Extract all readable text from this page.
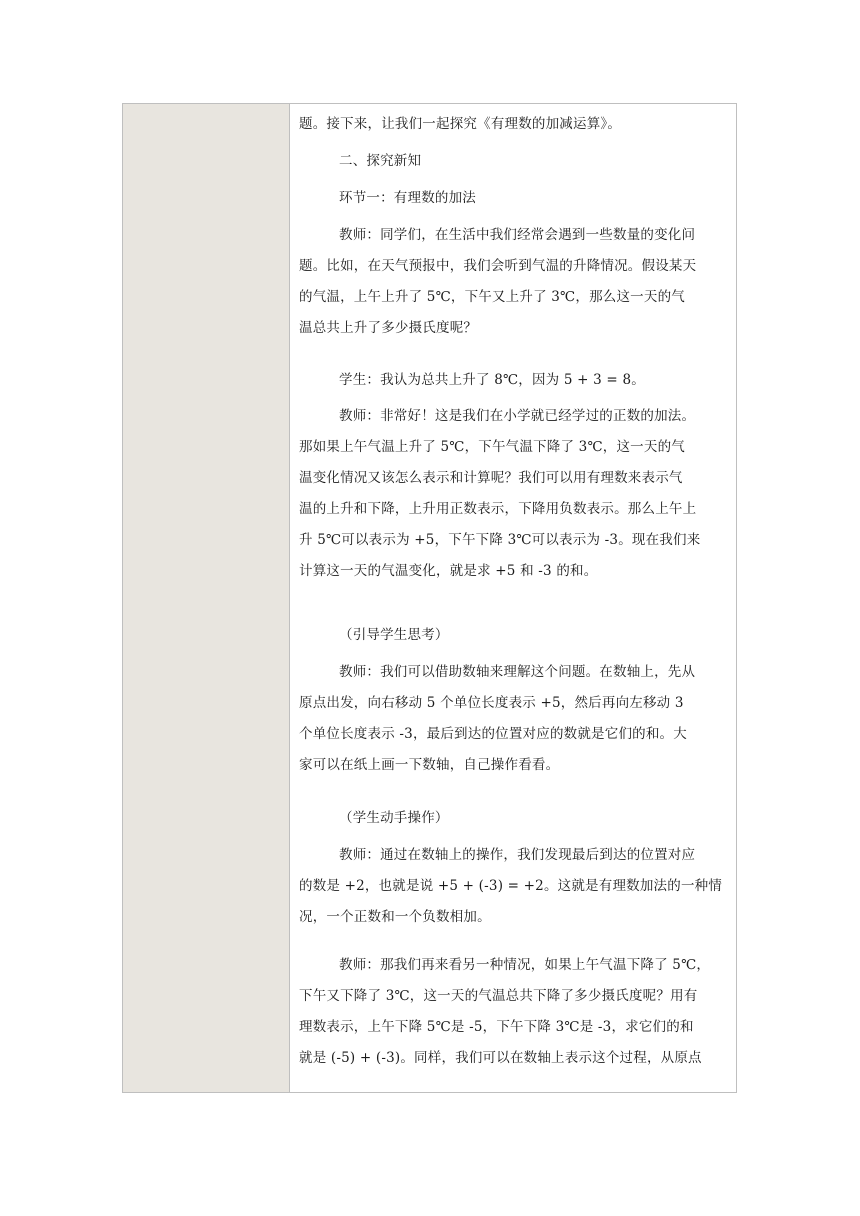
题。接下来，让我们一起探究《有理数的加减运算》。
二、探究新知
环节一：有理数的加法
教师：同学们，在生活中我们经常会遇到一些数量的变化问
题。比如，在天气预报中，我们会听到气温的升降情况。假设某天
的气温，上午上升了 5℃，下午又上升了 3℃，那么这一天的气
温总共上升了多少摄氏度呢？
学生：我认为总共上升了 8℃，因为 5 + 3 = 8。
教师：非常好！这是我们在小学就已经学过的正数的加法。
那如果上午气温上升了 5℃，下午气温下降了 3℃，这一天的气
温变化情况又该怎么表示和计算呢？我们可以用有理数来表示气
温的上升和下降，上升用正数表示，下降用负数表示。那么上午上
升 5℃可以表示为 +5，下午下降 3℃可以表示为 -3。现在我们来
计算这一天的气温变化，就是求 +5 和 -3 的和。
（引导学生思考）
教师：我们可以借助数轴来理解这个问题。在数轴上，先从
原点出发，向右移动 5 个单位长度表示 +5，然后再向左移动 3
个单位长度表示 -3，最后到达的位置对应的数就是它们的和。大
家可以在纸上画一下数轴，自己操作看看。
（学生动手操作）
教师：通过在数轴上的操作，我们发现最后到达的位置对应
的数是 +2，也就是说 +5 + (-3) = +2。这就是有理数加法的一种情
况，一个正数和一个负数相加。
教师：那我们再来看另一种情况，如果上午气温下降了 5℃，
下午又下降了 3℃，这一天的气温总共下降了多少摄氏度呢？用有
理数表示，上午下降 5℃是 -5，下午下降 3℃是 -3，求它们的和
就是 (-5) + (-3)。同样，我们可以在数轴上表示这个过程，从原点
